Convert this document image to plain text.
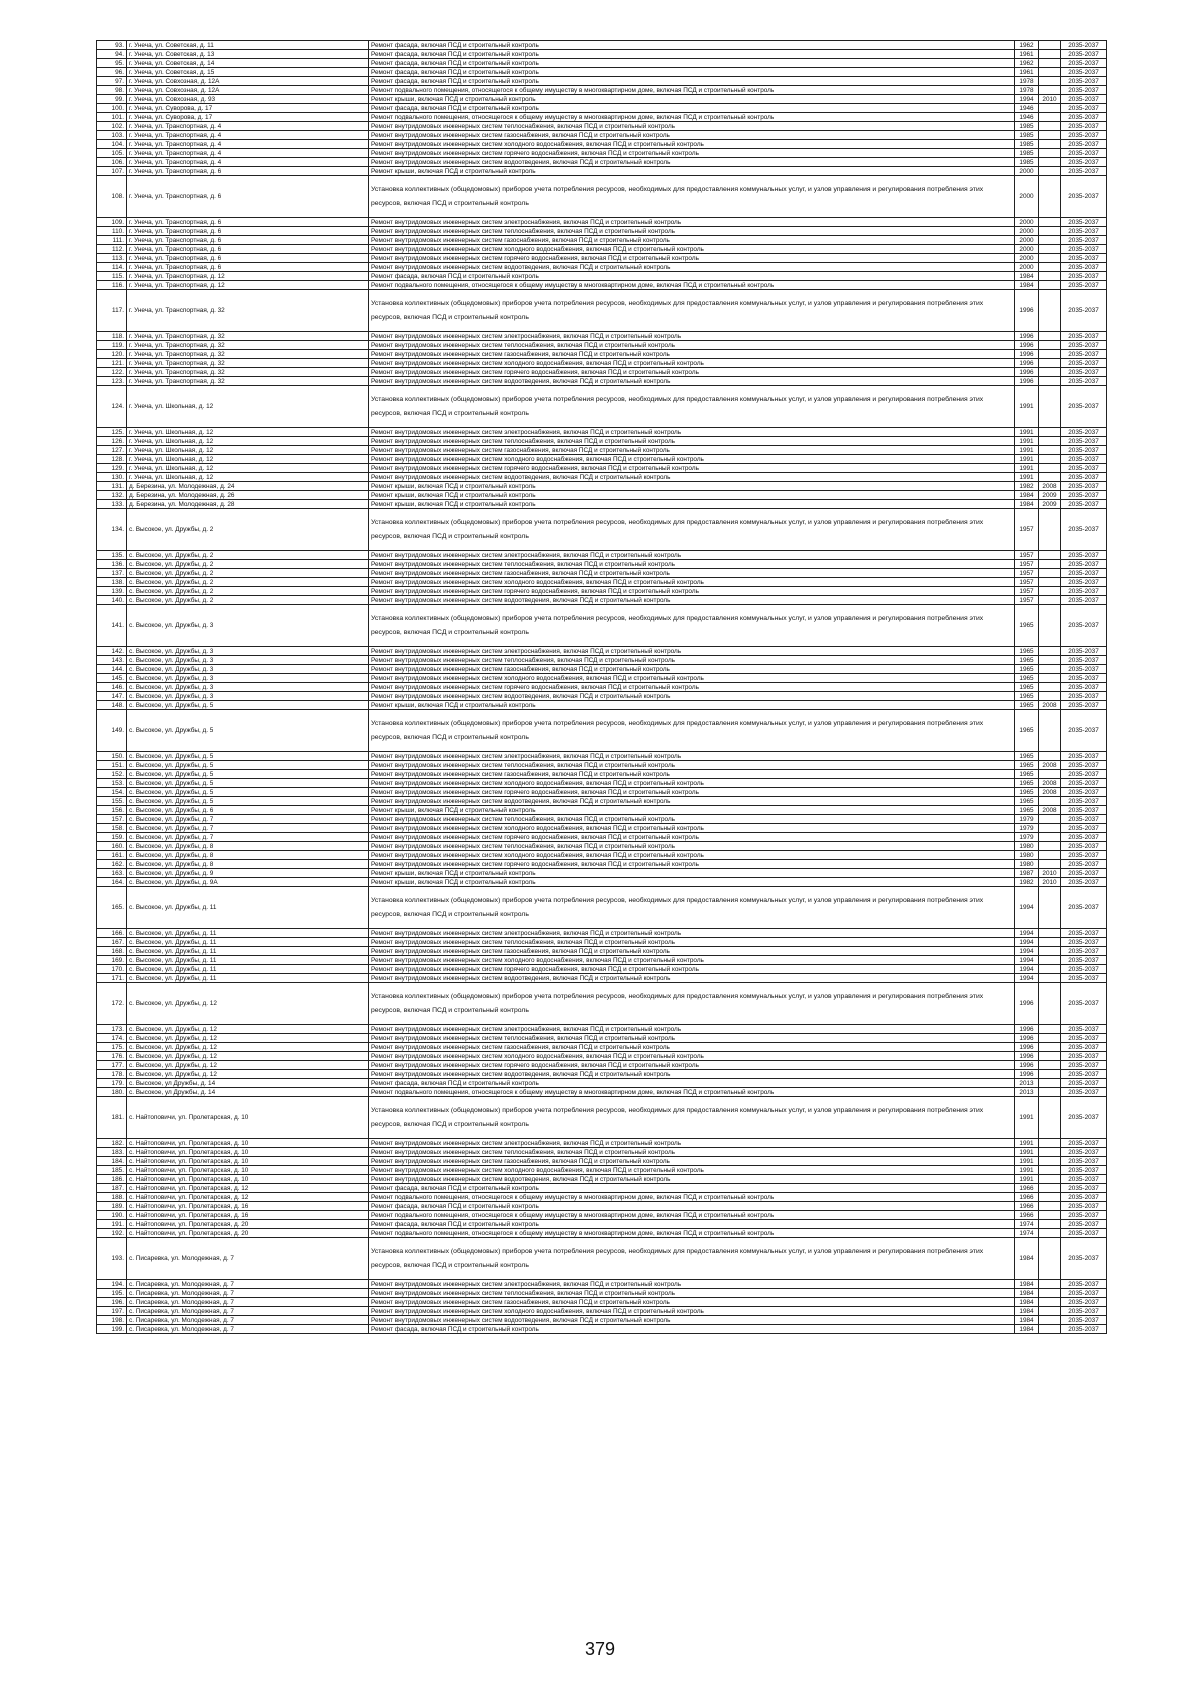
93.	г. Унеча, ул. Советская, д. 11	Ремонт фасада, включая ПСД и строительный контроль	1962		2035-2037	
94.	г. Унеча, ул. Советская, д. 13	Ремонт фасада, включая ПСД и строительный контроль	1961		2035-2037	
95.	г. Унеча, ул. Советская, д. 14	Ремонт фасада, включая ПСД и строительный контроль	1962		2035-2037	
96.	г. Унеча, ул. Советская, д. 15	Ремонт фасада, включая ПСД и строительный контроль	1961		2035-2037	
97.	г. Унеча, ул. Совхозная, д. 12А	Ремонт фасада, включая ПСД и строительный контроль	1978		2035-2037	
98.	г. Унеча, ул. Совхозная, д. 12А	Ремонт подвального помещения, относящегося к общему имуществу в многоквартирном доме, включая ПСД и строительный контроль	1978		2035-2037	
99.	г. Унеча, ул. Совхозная, д. 93	Ремонт крыши, включая ПСД и строительный контроль	1994	2010	2035-2037	
100.	г. Унеча, ул. Суворова, д. 17	Ремонт фасада, включая ПСД и строительный контроль	1946		2035-2037	
101.	г. Унеча, ул. Суворова, д. 17	Ремонт подвального помещения, относящегося к общему имуществу в многоквартирном доме, включая ПСД и строительный контроль	1946		2035-2037	
102.	г. Унеча, ул. Транспортная, д. 4	Ремонт внутридомовых инженерных систем теплоснабжения, включая ПСД и строительный контроль	1985		2035-2037	
103.	г. Унеча, ул. Транспортная, д. 4	Ремонт внутридомовых инженерных систем газоснабжения, включая ПСД и строительный контроль	1985		2035-2037	
104.	г. Унеча, ул. Транспортная, д. 4	Ремонт внутридомовых инженерных систем холодного водоснабжения, включая ПСД и строительный контроль	1985		2035-2037	
105.	г. Унеча, ул. Транспортная, д. 4	Ремонт внутридомовых инженерных систем горячего водоснабжения, включая ПСД и строительный контроль	1985		2035-2037	
106.	г. Унеча, ул. Транспортная, д. 4	Ремонт внутридомовых инженерных систем водоотведения, включая ПСД и строительный контроль	1985		2035-2037	
107.	г. Унеча, ул. Транспортная, д. 6	Ремонт крыши, включая ПСД и строительный контроль	2000		2035-2037	
108.	г. Унеча, ул. Транспортная, д. 6	Установка коллективных (общедомовых) приборов учета потребления ресурсов, необходимых для предоставления коммунальных услуг, и узлов управления и регулирования потребления этих ресурсов, включая ПСД и строительный контроль	2000		2035-2037	
109.	г. Унеча, ул. Транспортная, д. 6	Ремонт внутридомовых инженерных систем электроснабжения, включая ПСД и строительный контроль	2000		2035-2037	
110.	г. Унеча, ул. Транспортная, д. 6	Ремонт внутридомовых инженерных систем теплоснабжения, включая ПСД и строительный контроль	2000		2035-2037	
111.	г. Унеча, ул. Транспортная, д. 6	Ремонт внутридомовых инженерных систем газоснабжения, включая ПСД и строительный контроль	2000		2035-2037	
112.	г. Унеча, ул. Транспортная, д. 6	Ремонт внутридомовых инженерных систем холодного водоснабжения, включая ПСД и строительный контроль	2000		2035-2037	
113.	г. Унеча, ул. Транспортная, д. 6	Ремонт внутридомовых инженерных систем горячего водоснабжения, включая ПСД и строительный контроль	2000		2035-2037	
114.	г. Унеча, ул. Транспортная, д. 6	Ремонт внутридомовых инженерных систем водоотведения, включая ПСД и строительный контроль	2000		2035-2037	
115.	г. Унеча, ул. Транспортная, д. 12	Ремонт фасада, включая ПСД и строительный контроль	1984		2035-2037	
116.	г. Унеча, ул. Транспортная, д. 12	Ремонт подвального помещения, относящегося к общему имуществу в многоквартирном доме, включая ПСД и строительный контроль	1984		2035-2037	
117.	г. Унеча, ул. Транспортная, д. 32	Установка коллективных (общедомовых) приборов учета потребления ресурсов, необходимых для предоставления коммунальных услуг, и узлов управления и регулирования потребления этих ресурсов, включая ПСД и строительный контроль	1996		2035-2037	
118.	г. Унеча, ул. Транспортная, д. 32	Ремонт внутридомовых инженерных систем электроснабжения, включая ПСД и строительный контроль	1996		2035-2037	
119.	г. Унеча, ул. Транспортная, д. 32	Ремонт внутридомовых инженерных систем теплоснабжения, включая ПСД и строительный контроль	1996		2035-2037	
120.	г. Унеча, ул. Транспортная, д. 32	Ремонт внутридомовых инженерных систем газоснабжения, включая ПСД и строительный контроль	1996		2035-2037	
121.	г. Унеча, ул. Транспортная, д. 32	Ремонт внутридомовых инженерных систем холодного водоснабжения, включая ПСД и строительный контроль	1996		2035-2037	
122.	г. Унеча, ул. Транспортная, д. 32	Ремонт внутридомовых инженерных систем горячего водоснабжения, включая ПСД и строительный контроль	1996		2035-2037	
123.	г. Унеча, ул. Транспортная, д. 32	Ремонт внутридомовых инженерных систем водоотведения, включая ПСД и строительный контроль	1996		2035-2037	
124.	г. Унеча, ул. Школьная, д. 12	Установка коллективных (общедомовых) приборов учета потребления ресурсов, необходимых для предоставления коммунальных услуг, и узлов управления и регулирования потребления этих ресурсов, включая ПСД и строительный контроль	1991		2035-2037	
125.	г. Унеча, ул. Школьная, д. 12	Ремонт внутридомовых инженерных систем электроснабжения, включая ПСД и строительный контроль	1991		2035-2037	
126.	г. Унеча, ул. Школьная, д. 12	Ремонт внутридомовых инженерных систем теплоснабжения, включая ПСД и строительный контроль	1991		2035-2037	
127.	г. Унеча, ул. Школьная, д. 12	Ремонт внутридомовых инженерных систем газоснабжения, включая ПСД и строительный контроль	1991		2035-2037	
128.	г. Унеча, ул. Школьная, д. 12	Ремонт внутридомовых инженерных систем холодного водоснабжения, включая ПСД и строительный контроль	1991		2035-2037	
129.	г. Унеча, ул. Школьная, д. 12	Ремонт внутридомовых инженерных систем горячего водоснабжения, включая ПСД и строительный контроль	1991		2035-2037	
130.	г. Унеча, ул. Школьная, д. 12	Ремонт внутридомовых инженерных систем водоотведения, включая ПСД и строительный контроль	1991		2035-2037	
131.	д. Березина, ул. Молодежная, д. 24	Ремонт крыши, включая ПСД и строительный контроль	1982	2008	2035-2037	
132.	д. Березина, ул. Молодежная, д. 26	Ремонт крыши, включая ПСД и строительный контроль	1984	2009	2035-2037	
133.	д. Березина, ул. Молодежная, д. 28	Ремонт крыши, включая ПСД и строительный контроль	1984	2009	2035-2037	
134.	с. Высокое, ул. Дружбы, д. 2	Установка коллективных (общедомовых) приборов учета потребления ресурсов, необходимых для предоставления коммунальных услуг, и узлов управления и регулирования потребления этих ресурсов, включая ПСД и строительный контроль	1957		2035-2037	
135.	с. Высокое, ул. Дружбы, д. 2	Ремонт внутридомовых инженерных систем электроснабжения, включая ПСД и строительный контроль	1957		2035-2037	
136.	с. Высокое, ул. Дружбы, д. 2	Ремонт внутридомовых инженерных систем теплоснабжения, включая ПСД и строительный контроль	1957		2035-2037	
137.	с. Высокое, ул. Дружбы, д. 2	Ремонт внутридомовых инженерных систем газоснабжения, включая ПСД и строительный контроль	1957		2035-2037	
138.	с. Высокое, ул. Дружбы, д. 2	Ремонт внутридомовых инженерных систем холодного водоснабжения, включая ПСД и строительный контроль	1957		2035-2037	
139.	с. Высокое, ул. Дружбы, д. 2	Ремонт внутридомовых инженерных систем горячего водоснабжения, включая ПСД и строительный контроль	1957		2035-2037	
140.	с. Высокое, ул. Дружбы, д. 2	Ремонт внутридомовых инженерных систем водоотведения, включая ПСД и строительный контроль	1957		2035-2037	
141.	с. Высокое, ул. Дружбы, д. 3	Установка коллективных (общедомовых) приборов учета потребления ресурсов, необходимых для предоставления коммунальных услуг, и узлов управления и регулирования потребления этих ресурсов, включая ПСД и строительный контроль	1965		2035-2037	
142.	с. Высокое, ул. Дружбы, д. 3	Ремонт внутридомовых инженерных систем электроснабжения, включая ПСД и строительный контроль	1965		2035-2037	
143.	с. Высокое, ул. Дружбы, д. 3	Ремонт внутридомовых инженерных систем теплоснабжения, включая ПСД и строительный контроль	1965		2035-2037	
144.	с. Высокое, ул. Дружбы, д. 3	Ремонт внутридомовых инженерных систем газоснабжения, включая ПСД и строительный контроль	1965		2035-2037	
145.	с. Высокое, ул. Дружбы, д. 3	Ремонт внутридомовых инженерных систем холодного водоснабжения, включая ПСД и строительный контроль	1965		2035-2037	
146.	с. Высокое, ул. Дружбы, д. 3	Ремонт внутридомовых инженерных систем горячего водоснабжения, включая ПСД и строительный контроль	1965		2035-2037	
147.	с. Высокое, ул. Дружбы, д. 3	Ремонт внутридомовых инженерных систем водоотведения, включая ПСД и строительный контроль	1965		2035-2037	
148.	с. Высокое, ул. Дружбы, д. 5	Ремонт крыши, включая ПСД и строительный контроль	1965	2008	2035-2037	
149.	с. Высокое, ул. Дружбы, д. 5	Установка коллективных (общедомовых) приборов учета потребления ресурсов, необходимых для предоставления коммунальных услуг, и узлов управления и регулирования потребления этих ресурсов, включая ПСД и строительный контроль	1965		2035-2037	
150.	с. Высокое, ул. Дружбы, д. 5	Ремонт внутридомовых инженерных систем электроснабжения, включая ПСД и строительный контроль	1965		2035-2037	
151.	с. Высокое, ул. Дружбы, д. 5	Ремонт внутридомовых инженерных систем теплоснабжения, включая ПСД и строительный контроль	1965	2008	2035-2037	
152.	с. Высокое, ул. Дружбы, д. 5	Ремонт внутридомовых инженерных систем газоснабжения, включая ПСД и строительный контроль	1965		2035-2037	
153.	с. Высокое, ул. Дружбы, д. 5	Ремонт внутридомовых инженерных систем холодного водоснабжения, включая ПСД и строительный контроль	1965	2008	2035-2037	
154.	с. Высокое, ул. Дружбы, д. 5	Ремонт внутридомовых инженерных систем горячего водоснабжения, включая ПСД и строительный контроль	1965	2008	2035-2037	
155.	с. Высокое, ул. Дружбы, д. 5	Ремонт внутридомовых инженерных систем водоотведения, включая ПСД и строительный контроль	1965		2035-2037	
156.	с. Высокое, ул. Дружбы, д. 6	Ремонт крыши, включая ПСД и строительный контроль	1965	2008	2035-2037	
157.	с. Высокое, ул. Дружбы, д. 7	Ремонт внутридомовых инженерных систем теплоснабжения, включая ПСД и строительный контроль	1979		2035-2037	
158.	с. Высокое, ул. Дружбы, д. 7	Ремонт внутридомовых инженерных систем холодного водоснабжения, включая ПСД и строительный контроль	1979		2035-2037	
159.	с. Высокое, ул. Дружбы, д. 7	Ремонт внутридомовых инженерных систем горячего водоснабжения, включая ПСД и строительный контроль	1979		2035-2037	
160.	с. Высокое, ул. Дружбы, д. 8	Ремонт внутридомовых инженерных систем теплоснабжения, включая ПСД и строительный контроль	1980		2035-2037	
161.	с. Высокое, ул. Дружбы, д. 8	Ремонт внутридомовых инженерных систем холодного водоснабжения, включая ПСД и строительный контроль	1980		2035-2037	
162.	с. Высокое, ул. Дружбы, д. 8	Ремонт внутридомовых инженерных систем горячего водоснабжения, включая ПСД и строительный контроль	1980		2035-2037	
163.	с. Высокое, ул. Дружбы, д. 9	Ремонт крыши, включая ПСД и строительный контроль	1987	2010	2035-2037	
164.	с. Высокое, ул. Дружбы, д. 9А	Ремонт крыши, включая ПСД и строительный контроль	1982	2010	2035-2037	
165.	с. Высокое, ул. Дружбы, д. 11	Установка коллективных (общедомовых) приборов учета потребления ресурсов, необходимых для предоставления коммунальных услуг, и узлов управления и регулирования потребления этих ресурсов, включая ПСД и строительный контроль	1994		2035-2037	
166.	с. Высокое, ул. Дружбы, д. 11	Ремонт внутридомовых инженерных систем электроснабжения, включая ПСД и строительный контроль	1994		2035-2037	
167.	с. Высокое, ул. Дружбы, д. 11	Ремонт внутридомовых инженерных систем теплоснабжения, включая ПСД и строительный контроль	1994		2035-2037	
168.	с. Высокое, ул. Дружбы, д. 11	Ремонт внутридомовых инженерных систем газоснабжения, включая ПСД и строительный контроль	1994		2035-2037	
169.	с. Высокое, ул. Дружбы, д. 11	Ремонт внутридомовых инженерных систем холодного водоснабжения, включая ПСД и строительный контроль	1994		2035-2037	
170.	с. Высокое, ул. Дружбы, д. 11	Ремонт внутридомовых инженерных систем горячего водоснабжения, включая ПСД и строительный контроль	1994		2035-2037	
171.	с. Высокое, ул. Дружбы, д. 11	Ремонт внутридомовых инженерных систем водоотведения, включая ПСД и строительный контроль	1994		2035-2037	
172.	с. Высокое, ул. Дружбы, д. 12	Установка коллективных (общедомовых) приборов учета потребления ресурсов, необходимых для предоставления коммунальных услуг, и узлов управления и регулирования потребления этих ресурсов, включая ПСД и строительный контроль	1996		2035-2037	
173.	с. Высокое, ул. Дружбы, д. 12	Ремонт внутридомовых инженерных систем электроснабжения, включая ПСД и строительный контроль	1996		2035-2037	
174.	с. Высокое, ул. Дружбы, д. 12	Ремонт внутридомовых инженерных систем теплоснабжения, включая ПСД и строительный контроль	1996		2035-2037	
175.	с. Высокое, ул. Дружбы, д. 12	Ремонт внутридомовых инженерных систем газоснабжения, включая ПСД и строительный контроль	1996		2035-2037	
176.	с. Высокое, ул. Дружбы, д. 12	Ремонт внутридомовых инженерных систем холодного водоснабжения, включая ПСД и строительный контроль	1996		2035-2037	
177.	с. Высокое, ул. Дружбы, д. 12	Ремонт внутридомовых инженерных систем горячего водоснабжения, включая ПСД и строительный контроль	1996		2035-2037	
178.	с. Высокое, ул. Дружбы, д. 12	Ремонт внутридомовых инженерных систем водоотведения, включая ПСД и строительный контроль	1996		2035-2037	
179.	с. Высокое, ул Дружбы, д. 14	Ремонт фасада, включая ПСД и строительный контроль	2013		2035-2037	
180.	с. Высокое, ул Дружбы, д. 14	Ремонт подвального помещения, относящегося к общему имуществу в многоквартирном доме, включая ПСД и строительный контроль	2013		2035-2037	
181.	с. Найтоповичи, ул. Пролетарская, д. 10	Установка коллективных (общедомовых) приборов учета потребления ресурсов, необходимых для предоставления коммунальных услуг, и узлов управления и регулирования потребления этих ресурсов, включая ПСД и строительный контроль	1991		2035-2037	
182.	с. Найтоповичи, ул. Пролетарская, д. 10	Ремонт внутридомовых инженерных систем электроснабжения, включая ПСД и строительный контроль	1991		2035-2037	
183.	с. Найтоповичи, ул. Пролетарская, д. 10	Ремонт внутридомовых инженерных систем теплоснабжения, включая ПСД и строительный контроль	1991		2035-2037	
184.	с. Найтоповичи, ул. Пролетарская, д. 10	Ремонт внутридомовых инженерных систем газоснабжения, включая ПСД и строительный контроль	1991		2035-2037	
185.	с. Найтоповичи, ул. Пролетарская, д. 10	Ремонт внутридомовых инженерных систем холодного водоснабжения, включая ПСД и строительный контроль	1991		2035-2037	
186.	с. Найтоповичи, ул. Пролетарская, д. 10	Ремонт внутридомовых инженерных систем водоотведения, включая ПСД и строительный контроль	1991		2035-2037	
187.	с. Найтоповичи, ул. Пролетарская, д. 12	Ремонт фасада, включая ПСД и строительный контроль	1966		2035-2037	
188.	с. Найтоповичи, ул. Пролетарская, д. 12	Ремонт подвального помещения, относящегося к общему имуществу в многоквартирном доме, включая ПСД и строительный контроль	1966		2035-2037	
189.	с. Найтоповичи, ул. Пролетарская, д. 16	Ремонт фасада, включая ПСД и строительный контроль	1966		2035-2037	
190.	с. Найтоповичи, ул. Пролетарская, д. 16	Ремонт подвального помещения, относящегося к общему имуществу в многоквартирном доме, включая ПСД и строительный контроль	1966		2035-2037	
191.	с. Найтоповичи, ул. Пролетарская, д. 20	Ремонт фасада, включая ПСД и строительный контроль	1974		2035-2037	
192.	с. Найтоповичи, ул. Пролетарская, д. 20	Ремонт подвального помещения, относящегося к общему имуществу в многоквартирном доме, включая ПСД и строительный контроль	1974		2035-2037	
193.	с. Писаревка, ул. Молодежная, д. 7	Установка коллективных (общедомовых) приборов учета потребления ресурсов, необходимых для предоставления коммунальных услуг, и узлов управления и регулирования потребления этих ресурсов, включая ПСД и строительный контроль	1984		2035-2037	
194.	с. Писаревка, ул. Молодежная, д. 7	Ремонт внутридомовых инженерных систем электроснабжения, включая ПСД и строительный контроль	1984		2035-2037	
195.	с. Писаревка, ул. Молодежная, д. 7	Ремонт внутридомовых инженерных систем теплоснабжения, включая ПСД и строительный контроль	1984		2035-2037	
196.	с. Писаревка, ул. Молодежная, д. 7	Ремонт внутридомовых инженерных систем газоснабжения, включая ПСД и строительный контроль	1984		2035-2037	
197.	с. Писаревка, ул. Молодежная, д. 7	Ремонт внутридомовых инженерных систем холодного водоснабжения, включая ПСД и строительный контроль	1984		2035-2037	
198.	с. Писаревка, ул. Молодежная, д. 7	Ремонт внутридомовых инженерных систем водоотведения, включая ПСД и строительный контроль	1984		2035-2037	
199.	с. Писаревка, ул. Молодежная, д. 7	Ремонт фасада, включая ПСД и строительный контроль	1984		2035-2037	
379
